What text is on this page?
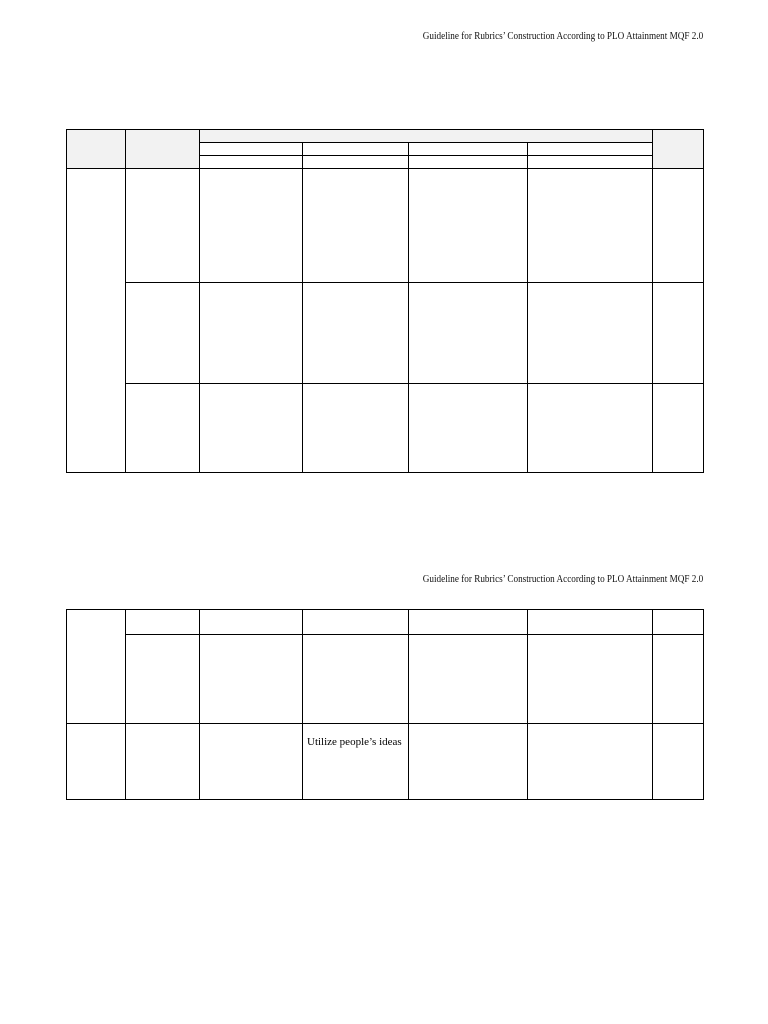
Guideline for Rubrics’ Construction According to PLO Attainment MQF 2.0
Guideline for Rubrics’ Construction According to PLO Attainment MQF 2.0
Utilize people’s ideas
